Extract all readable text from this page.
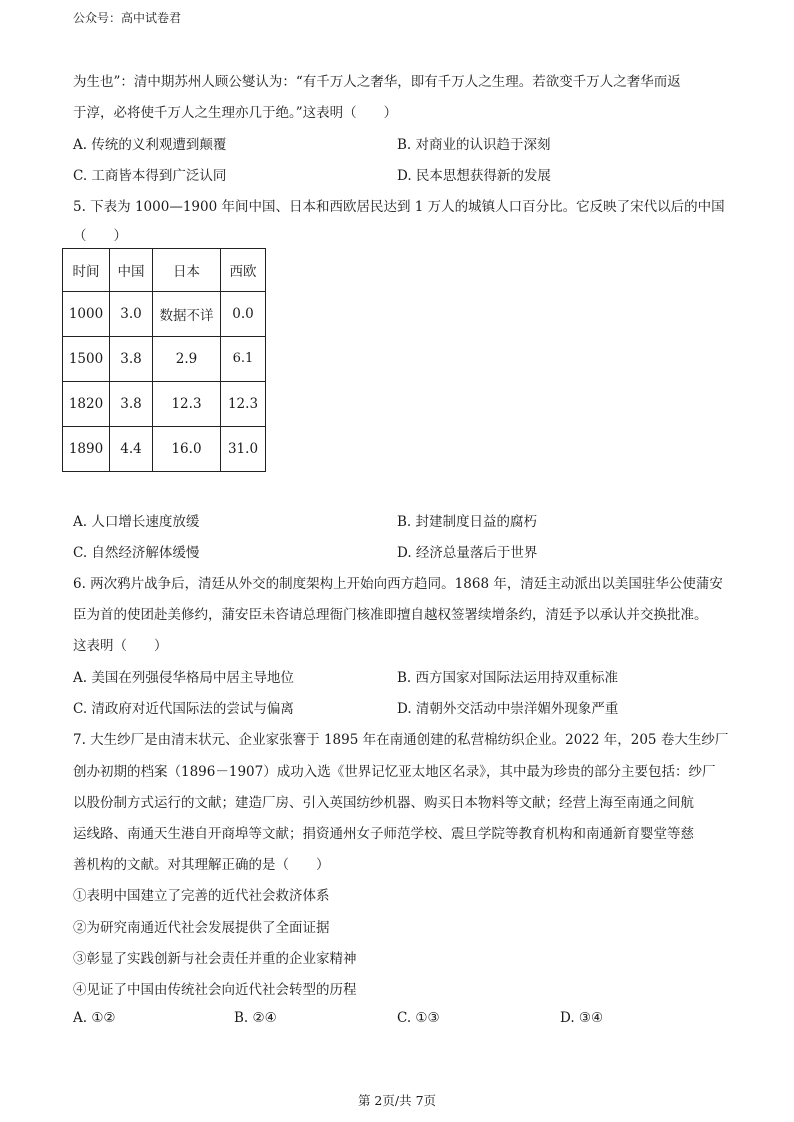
公众号：高中试卷君
为生也”：清中期苏州人顾公燮认为：“有千万人之奢华，即有千万人之生理。若欲变千万人之奢华而返
于淳，必将使千万人之生理亦几于绝。”这表明（　　）
A. 传统的义利观遭到颠覆	B. 对商业的认识趋于深刻
C. 工商皆本得到广泛认同	D. 民本思想获得新的发展
5. 下表为 1000—1900 年间中国、日本和西欧居民达到 1 万人的城镇人口百分比。它反映了宋代以后的中国
（　　）
时间	中国	日本	西欧
1000	3.0	数据不详	0.0
1500	3.8	2.9	6.1
1820	3.8	12.3	12.3
1890	4.4	16.0	31.0
A. 人口增长速度放缓	B. 封建制度日益的腐朽
C. 自然经济解体缓慢	D. 经济总量落后于世界
6. 两次鸦片战争后，清廷从外交的制度架构上开始向西方趋同。1868 年，清廷主动派出以美国驻华公使蒲安
臣为首的使团赴美修约，蒲安臣未咨请总理衙门核准即擅自越权签署续增条约，清廷予以承认并交换批准。
这表明（　　）
A. 美国在列强侵华格局中居主导地位	B. 西方国家对国际法运用持双重标准
C. 清政府对近代国际法的尝试与偏离	D. 清朝外交活动中崇洋媚外现象严重
7. 大生纱厂是由清末状元、企业家张謇于 1895 年在南通创建的私营棉纺织企业。2022 年，205 卷大生纱厂
创办初期的档案（1896－1907）成功入选《世界记忆亚太地区名录》，其中最为珍贵的部分主要包括：纱厂
以股份制方式运行的文献；建造厂房、引入英国纺纱机器、购买日本物料等文献；经营上海至南通之间航
运线路、南通天生港自开商埠等文献；捐资通州女子师范学校、震旦学院等教育机构和南通新育婴堂等慈
善机构的文献。对其理解正确的是（　　）
①表明中国建立了完善的近代社会救济体系
②为研究南通近代社会发展提供了全面证据
③彰显了实践创新与社会责任并重的企业家精神
④见证了中国由传统社会向近代社会转型的历程
A. ①②	B. ②④	C. ①③	D. ③④
第 2页/共 7页
